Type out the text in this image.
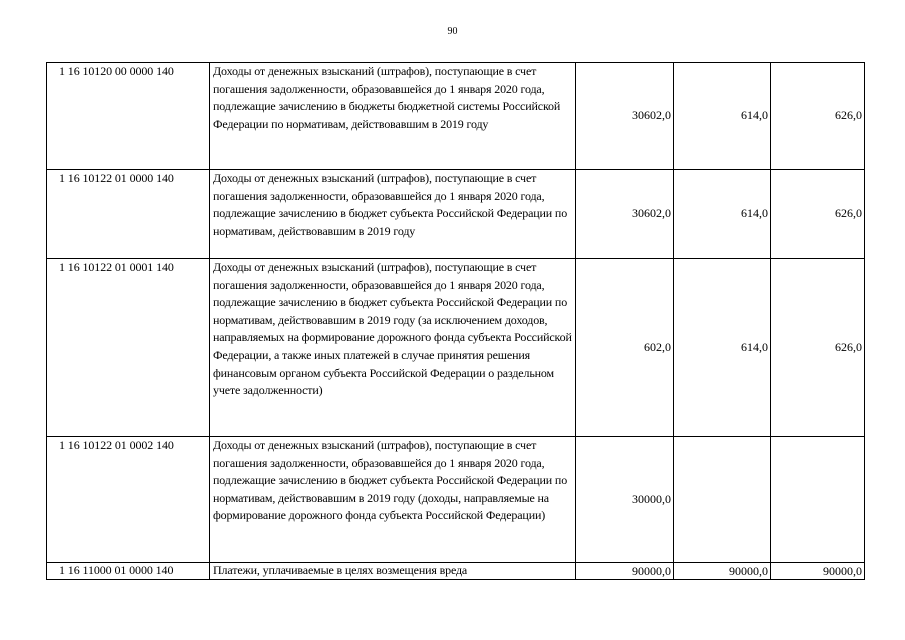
90
1 16 10120 00 0000 140	Доходы от денежных взысканий (штрафов), поступающие в счет погашения задолженности, образовавшейся до 1 января 2020 года, подлежащие зачислению в бюджеты бюджетной системы Российской Федерации по нормативам, действовавшим в 2019 году	30602,0	614,0	626,0
1 16 10122 01 0000 140	Доходы от денежных взысканий (штрафов), поступающие в счет погашения задолженности, образовавшейся до 1 января 2020 года, подлежащие зачислению в бюджет субъекта Российской Федерации по нормативам, действовавшим в 2019 году	30602,0	614,0	626,0
1 16 10122 01 0001 140	Доходы от денежных взысканий (штрафов), поступающие в счет погашения задолженности, образовавшейся до 1 января 2020 года, подлежащие зачислению в бюджет субъекта Российской Федерации по нормативам, действовавшим в 2019 году (за исключением доходов, направляемых на формирование дорожного фонда субъекта Российской Федерации, а также иных платежей в случае принятия решения финансовым органом субъекта Российской Федерации о раздельном учете задолженности)	602,0	614,0	626,0
1 16 10122 01 0002 140	Доходы от денежных взысканий (штрафов), поступающие в счет погашения задолженности, образовавшейся до 1 января 2020 года, подлежащие зачислению в бюджет субъекта Российской Федерации по нормативам, действовавшим в 2019 году (доходы, направляемые на формирование дорожного фонда субъекта Российской Федерации)	30000,0		
1 16 11000 01 0000 140	Платежи, уплачиваемые в целях возмещения вреда	90000,0	90000,0	90000,0
